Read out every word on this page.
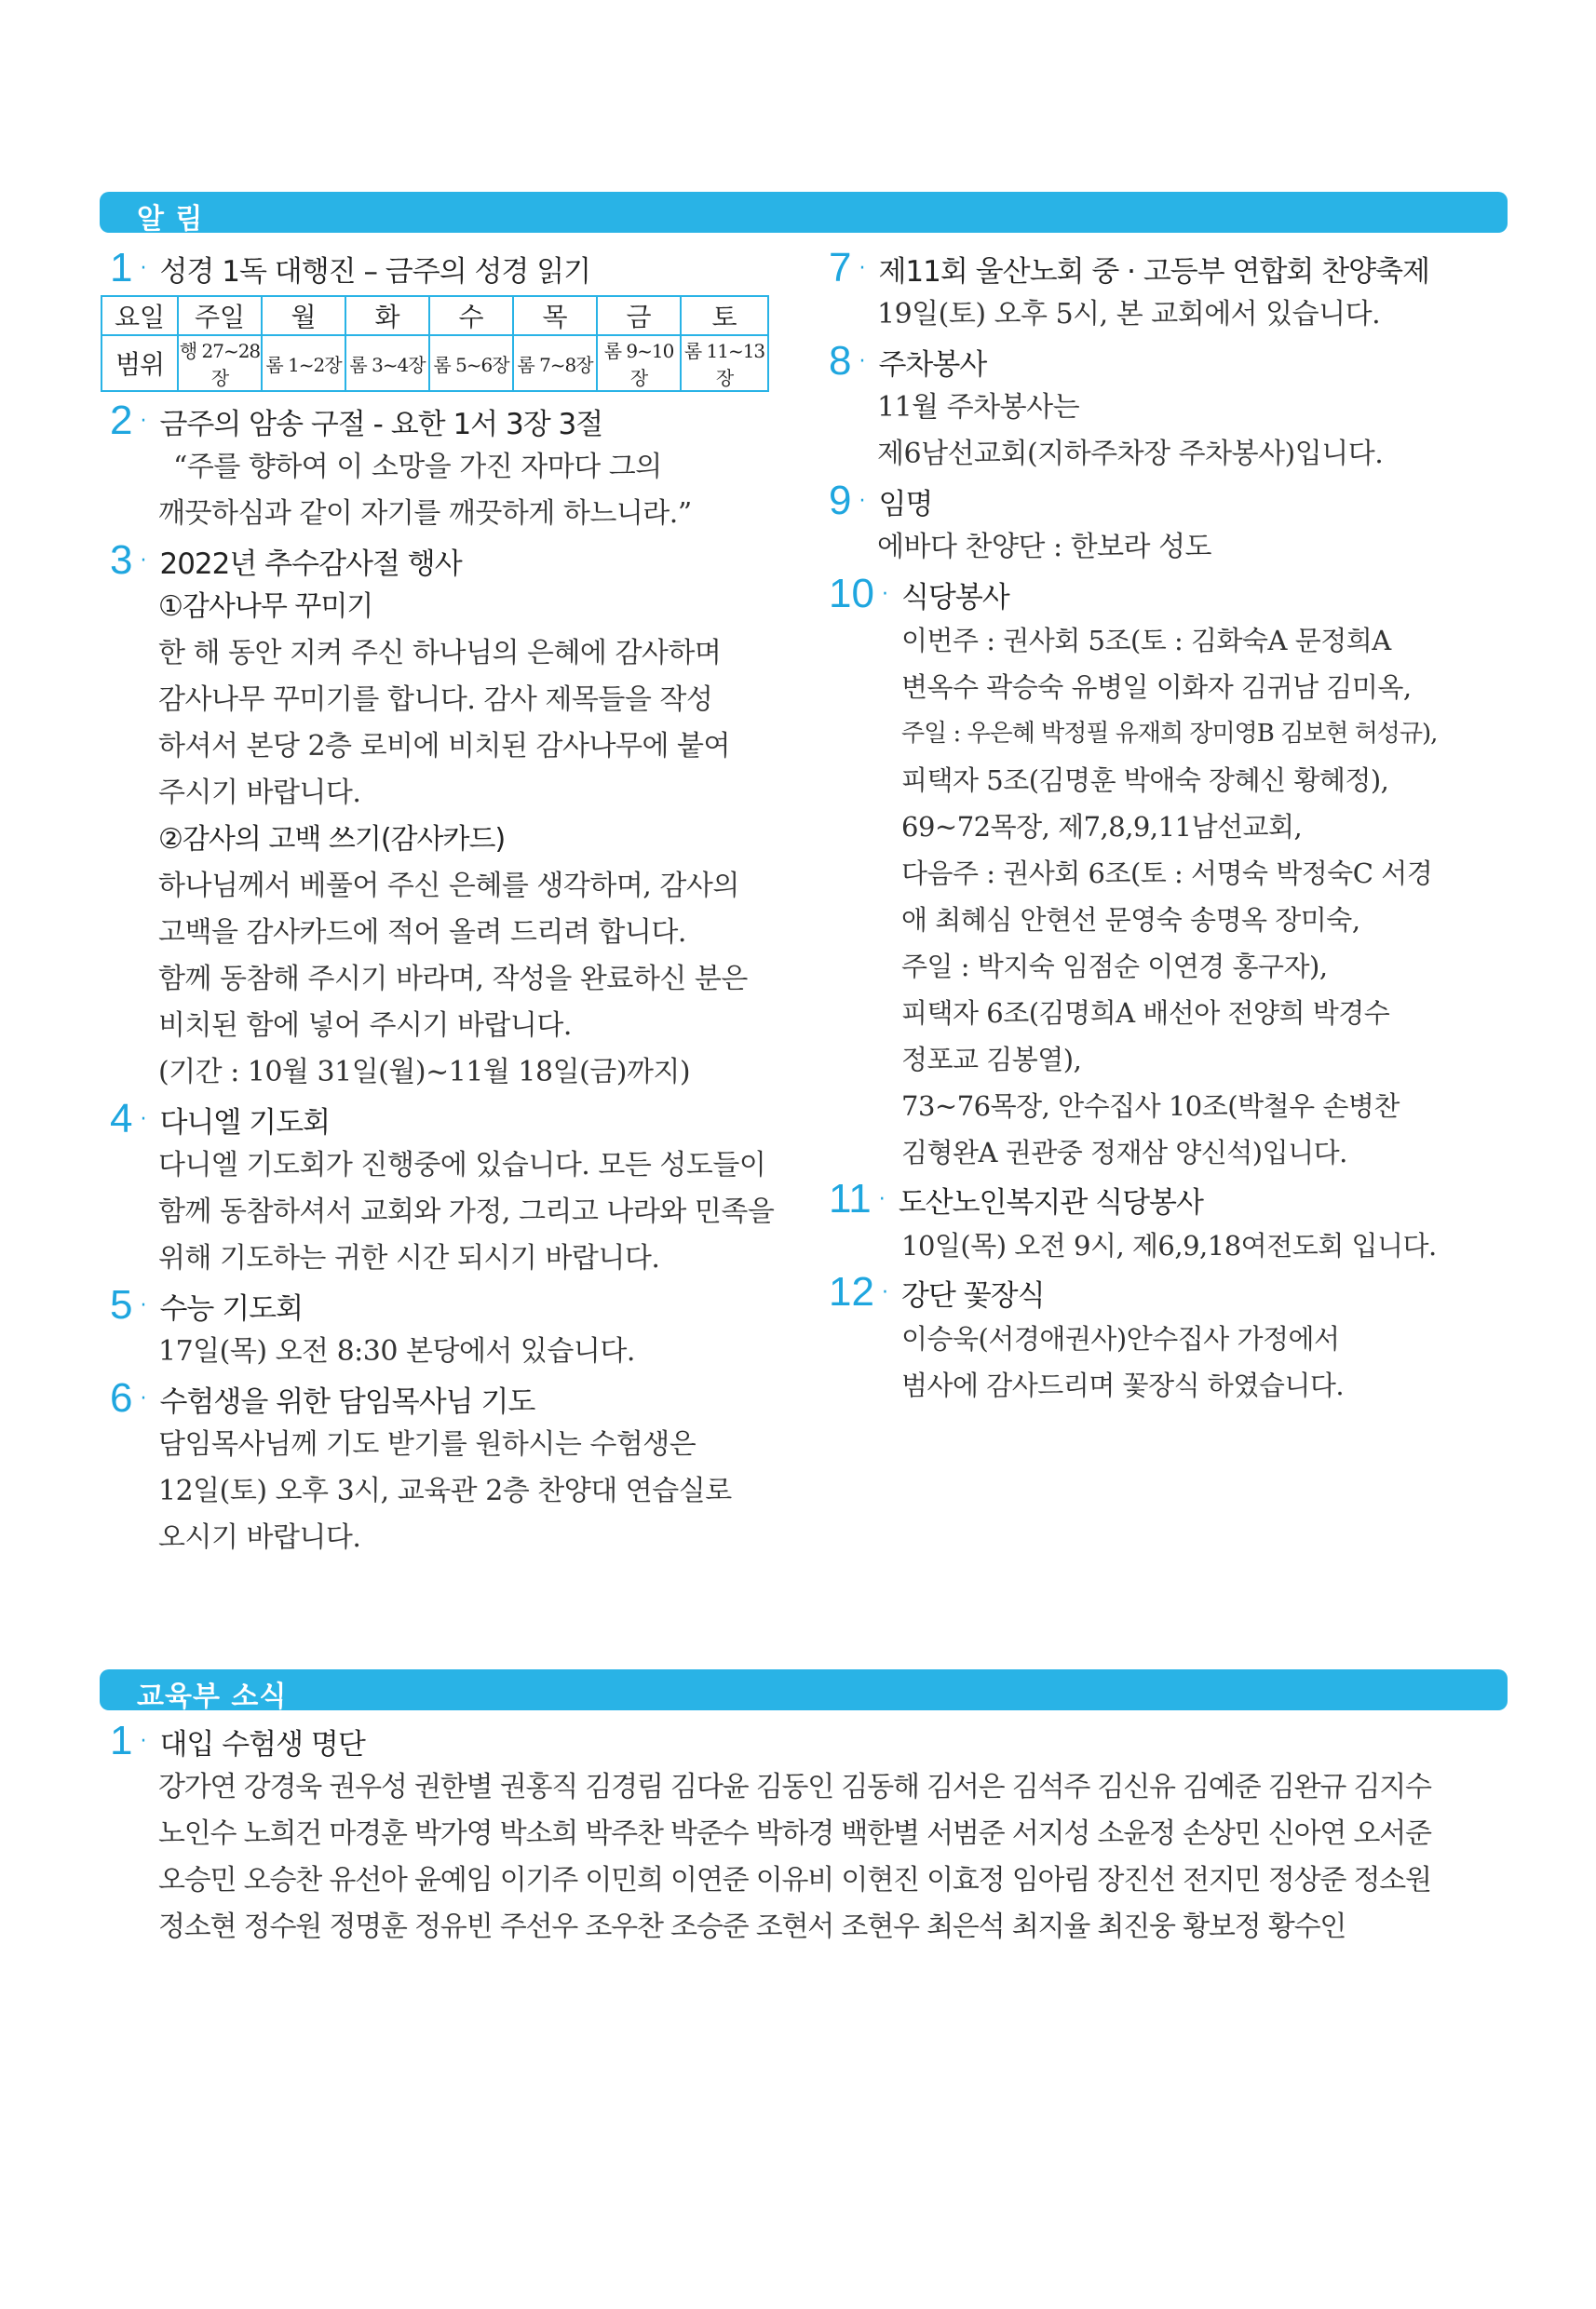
알 림
1 · 성경 1독 대행진 – 금주의 성경 읽기
요일	주일	월	화	수	목	금	토
범위	행 27~28장	롬 1~2장	롬 3~4장	롬 5~6장	롬 7~8장	롬 9~10장	롬 11~13장
2 · 금주의 암송 구절 - 요한 1서 3장 3절
“주를 향하여 이 소망을 가진 자마다 그의
깨끗하심과 같이 자기를 깨끗하게 하느니라.”
3 · 2022년 추수감사절 행사
①감사나무 꾸미기
한 해 동안 지켜 주신 하나님의 은혜에 감사하며
감사나무 꾸미기를 합니다. 감사 제목들을 작성
하셔서 본당 2층 로비에 비치된 감사나무에 붙여
주시기 바랍니다.
②감사의 고백 쓰기(감사카드)
하나님께서 베풀어 주신 은혜를 생각하며, 감사의
고백을 감사카드에 적어 올려 드리려 합니다.
함께 동참해 주시기 바라며, 작성을 완료하신 분은
비치된 함에 넣어 주시기 바랍니다.
(기간 : 10월 31일(월)~11월 18일(금)까지)
4 · 다니엘 기도회
다니엘 기도회가 진행중에 있습니다. 모든 성도들이
함께 동참하셔서 교회와 가정, 그리고 나라와 민족을
위해 기도하는 귀한 시간 되시기 바랍니다.
5 · 수능 기도회
17일(목) 오전 8:30 본당에서 있습니다.
6 · 수험생을 위한 담임목사님 기도
담임목사님께 기도 받기를 원하시는 수험생은
12일(토) 오후 3시, 교육관 2층 찬양대 연습실로
오시기 바랍니다.
7 · 제11회 울산노회 중 · 고등부 연합회 찬양축제
19일(토) 오후 5시, 본 교회에서 있습니다.
8 · 주차봉사
11월 주차봉사는
제6남선교회(지하주차장 주차봉사)입니다.
9 · 임명
에바다 찬양단 : 한보라 성도
10 · 식당봉사
이번주 : 권사회 5조(토 : 김화숙A 문정희A
변옥수 곽승숙 유병일 이화자 김귀남 김미옥,
주일 : 우은혜 박정필 유재희 장미영B 김보현 허성규),
피택자 5조(김명훈 박애숙 장혜신 황혜정),
69~72목장, 제7,8,9,11남선교회,
다음주 : 권사회 6조(토 : 서명숙 박정숙C 서경
애 최혜심 안현선 문영숙 송명옥 장미숙,
주일 : 박지숙 임점순 이연경 홍구자),
피택자 6조(김명희A 배선아 전양희 박경수
정포교 김봉열),
73~76목장, 안수집사 10조(박철우 손병찬
김형완A 권관중 정재삼 양신석)입니다.
11 · 도산노인복지관 식당봉사
10일(목) 오전 9시, 제6,9,18여전도회 입니다.
12 · 강단 꽃장식
이승욱(서경애권사)안수집사 가정에서
범사에 감사드리며 꽃장식 하였습니다.
교육부 소식
1 · 대입 수험생 명단
강가연 강경욱 권우성 권한별 권홍직 김경림 김다윤 김동인 김동해 김서은 김석주 김신유 김예준 김완규 김지수
노인수 노희건 마경훈 박가영 박소희 박주찬 박준수 박하경 백한별 서범준 서지성 소윤정 손상민 신아연 오서준
오승민 오승찬 유선아 윤예임 이기주 이민희 이연준 이유비 이현진 이효정 임아림 장진선 전지민 정상준 정소원
정소현 정수원 정명훈 정유빈 주선우 조우찬 조승준 조현서 조현우 최은석 최지율 최진웅 황보정 황수인
